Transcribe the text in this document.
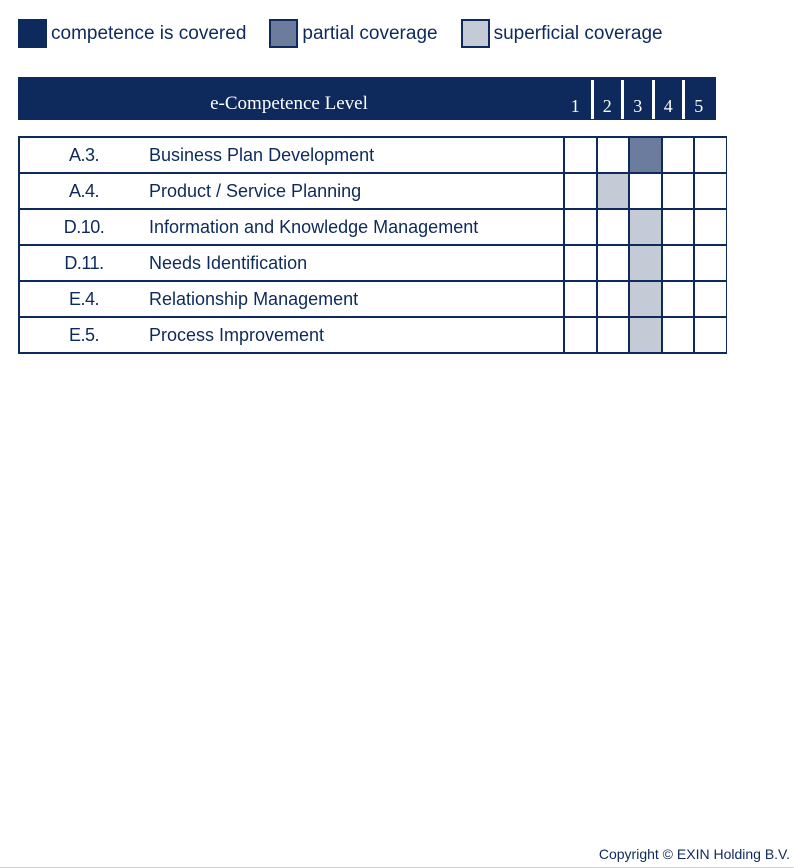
competence is covered	partial coverage	superficial coverage
e-Competence Level	1	2	3	4	5
A.3.	Business Plan Development					
A.4.	Product / Service Planning					
D.10.	Information and Knowledge Management					
D.11.	Needs Identification					
E.4.	Relationship Management					
E.5.	Process Improvement					
Copyright © EXIN Holding B.V.
